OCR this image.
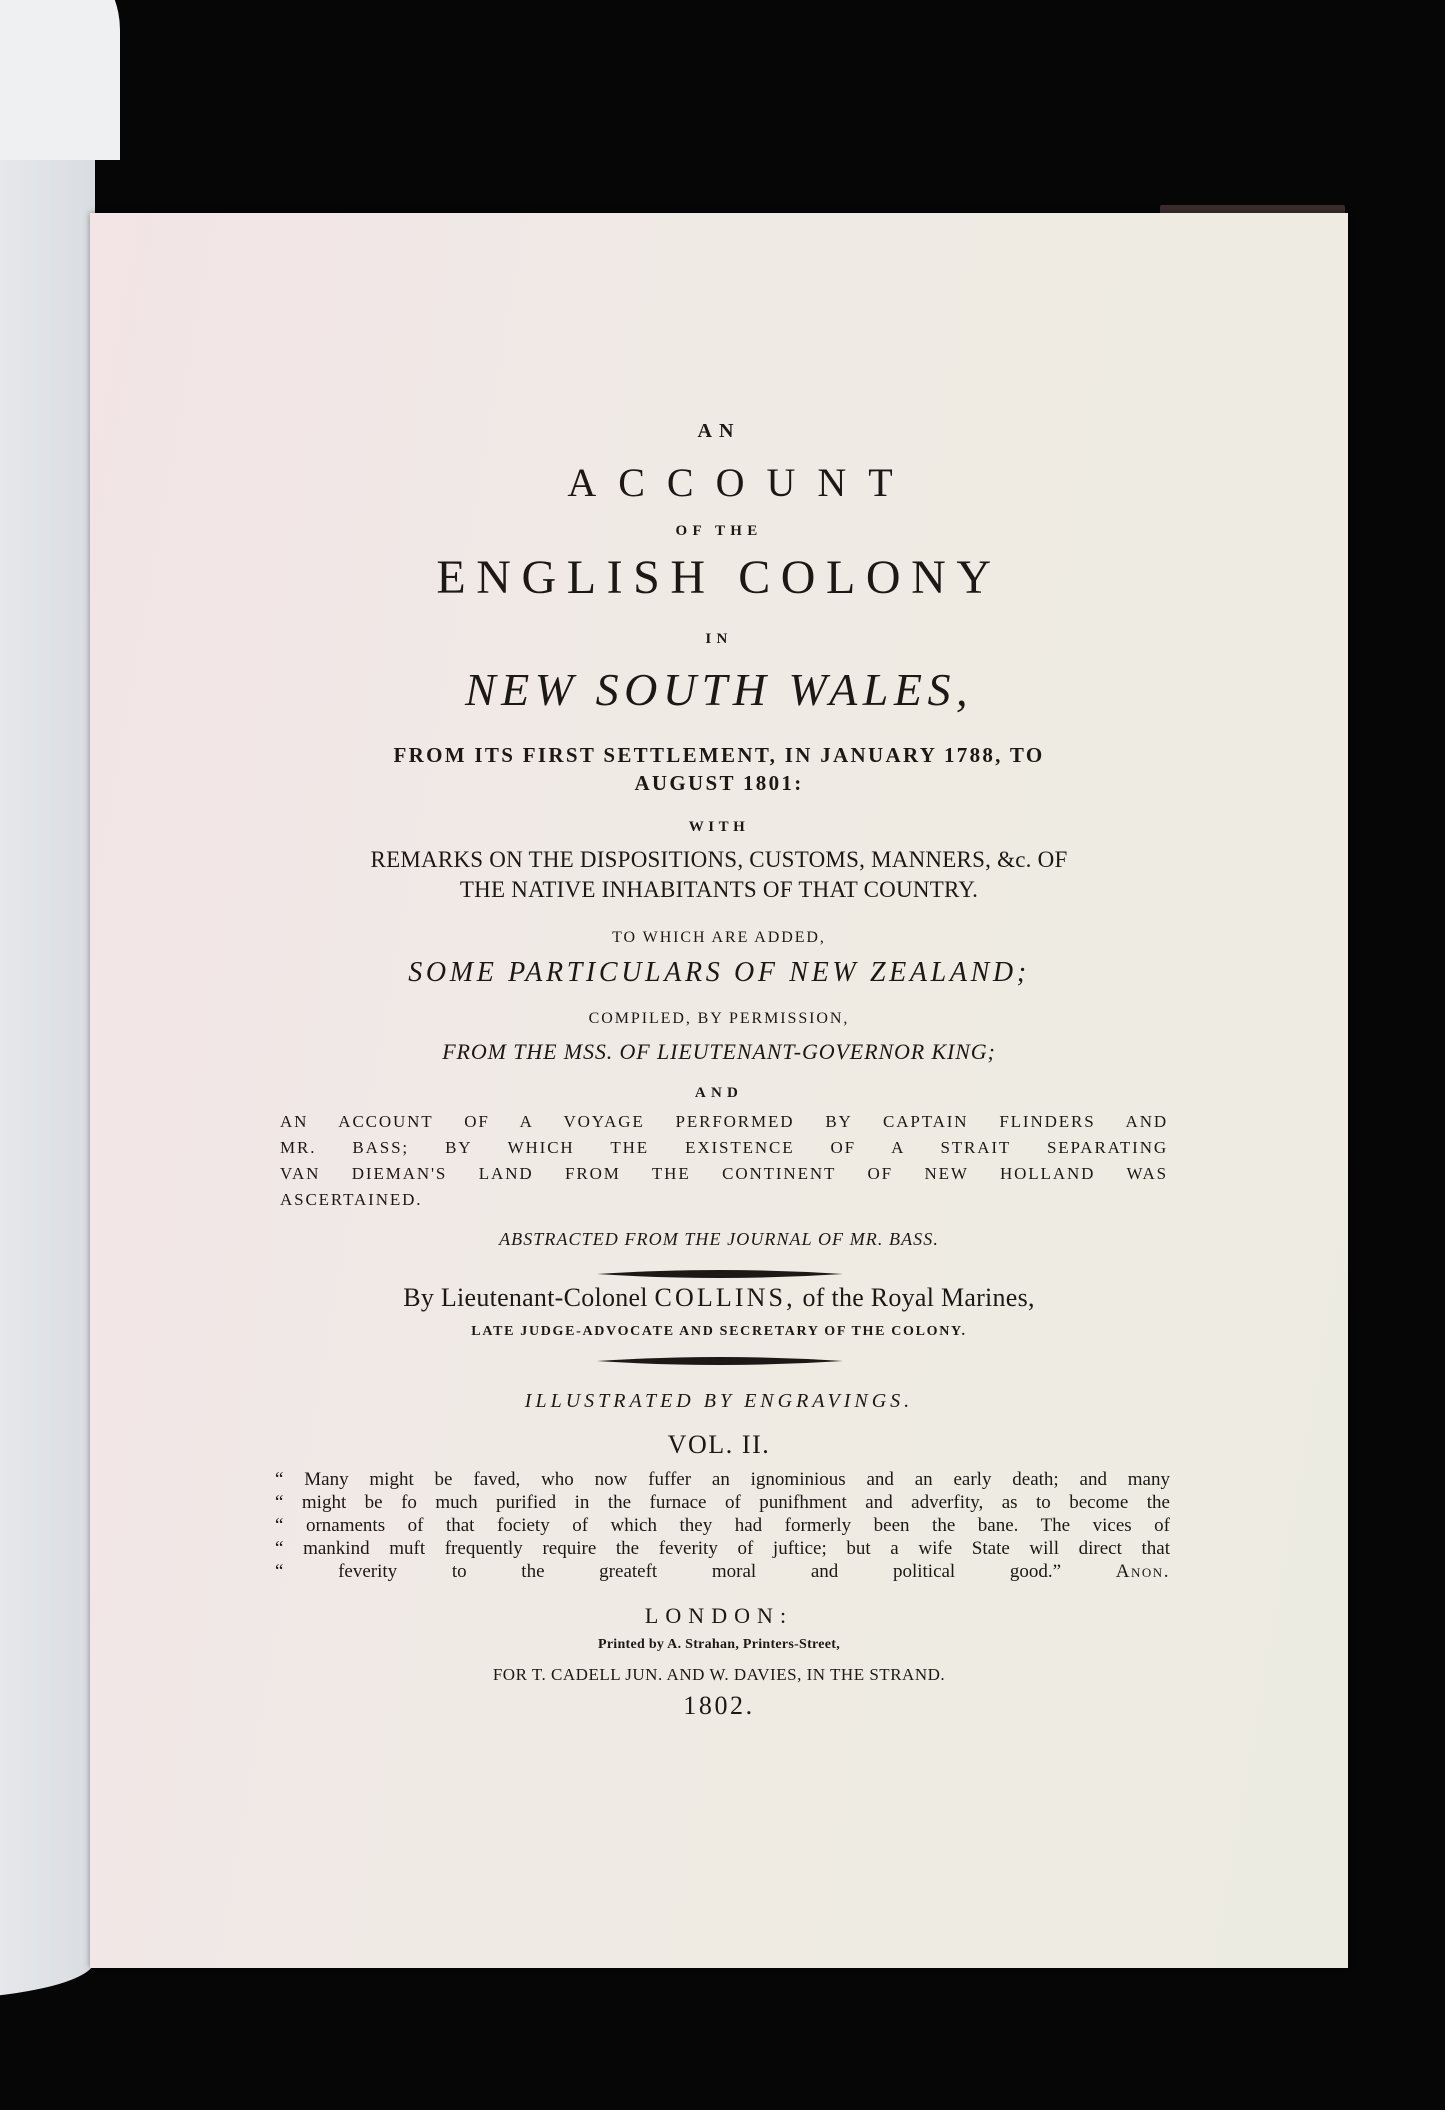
AN
ACCOUNT
OF THE
ENGLISH COLONY
IN
NEW SOUTH WALES,
FROM ITS FIRST SETTLEMENT, IN JANUARY 1788, TO
AUGUST 1801:
WITH
REMARKS ON THE DISPOSITIONS, CUSTOMS, MANNERS, &c. OF
THE NATIVE INHABITANTS OF THAT COUNTRY.
TO WHICH ARE ADDED,
SOME PARTICULARS OF NEW ZEALAND;
COMPILED, BY PERMISSION,
FROM THE MSS. OF LIEUTENANT-GOVERNOR KING;
AND
AN ACCOUNT OF A VOYAGE PERFORMED BY CAPTAIN FLINDERS AND
MR. BASS; BY WHICH THE EXISTENCE OF A STRAIT SEPARATING
VAN DIEMAN'S LAND FROM THE CONTINENT OF NEW HOLLAND WAS
ASCERTAINED.
ABSTRACTED FROM THE JOURNAL OF MR. BASS.
By Lieutenant-Colonel COLLINS, of the Royal Marines,
LATE JUDGE-ADVOCATE AND SECRETARY OF THE COLONY.
ILLUSTRATED BY ENGRAVINGS.
VOL. II.
“ Many might be faved, who now fuffer an ignominious and an early death; and many
“ might be fo much purified in the furnace of punifhment and adverfity, as to become the
“ ornaments of that fociety of which they had formerly been the bane. The vices of
“ mankind muft frequently require the feverity of juftice; but a wife State will direct that
“ feverity to the greateft moral and political good.”	Anon.
LONDON:
Printed by A. Strahan, Printers-Street,
FOR T. CADELL JUN. AND W. DAVIES, IN THE STRAND.
1802.
